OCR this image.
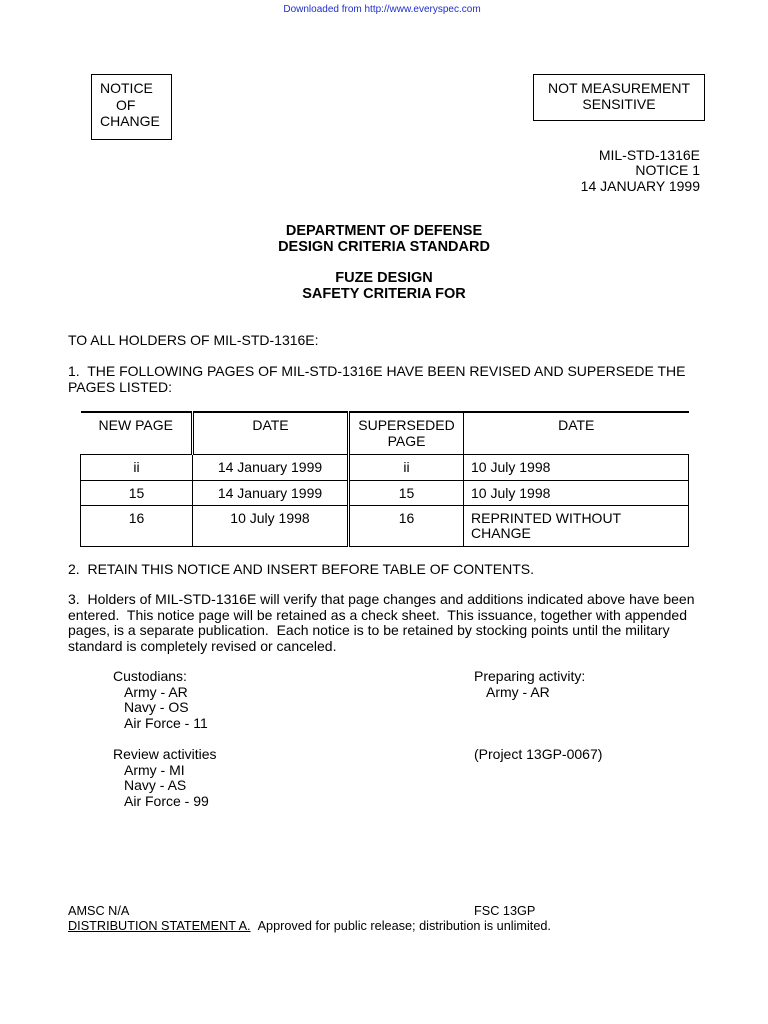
Downloaded from http://www.everyspec.com
NOTICE
OF
CHANGE
NOT MEASUREMENT
SENSITIVE
MIL-STD-1316E
NOTICE 1
14 JANUARY 1999
DEPARTMENT OF DEFENSE
DESIGN CRITERIA STANDARD
FUZE DESIGN
SAFETY CRITERIA FOR
TO ALL HOLDERS OF MIL-STD-1316E:
1.  THE FOLLOWING PAGES OF MIL-STD-1316E HAVE BEEN REVISED AND SUPERSEDE THE
PAGES LISTED:
NEW PAGE	DATE	SUPERSEDED PAGE	DATE
ii	14 January 1999	ii	10 July 1998
15	14 January 1999	15	10 July 1998
16	10 July 1998	16	REPRINTED WITHOUT CHANGE
2.  RETAIN THIS NOTICE AND INSERT BEFORE TABLE OF CONTENTS.
3.  Holders of MIL-STD-1316E will verify that page changes and additions indicated above have been
entered.  This notice page will be retained as a check sheet.  This issuance, together with appended
pages, is a separate publication.  Each notice is to be retained by stocking points until the military
standard is completely revised or canceled.
Custodians:
Army - AR
Navy - OS
Air Force - 11
Preparing activity:
Army - AR
Review activities
Army - MI
Navy - AS
Air Force - 99
(Project 13GP-0067)
AMSC N/A	FSC 13GP
DISTRIBUTION STATEMENT A. Approved for public release; distribution is unlimited.
